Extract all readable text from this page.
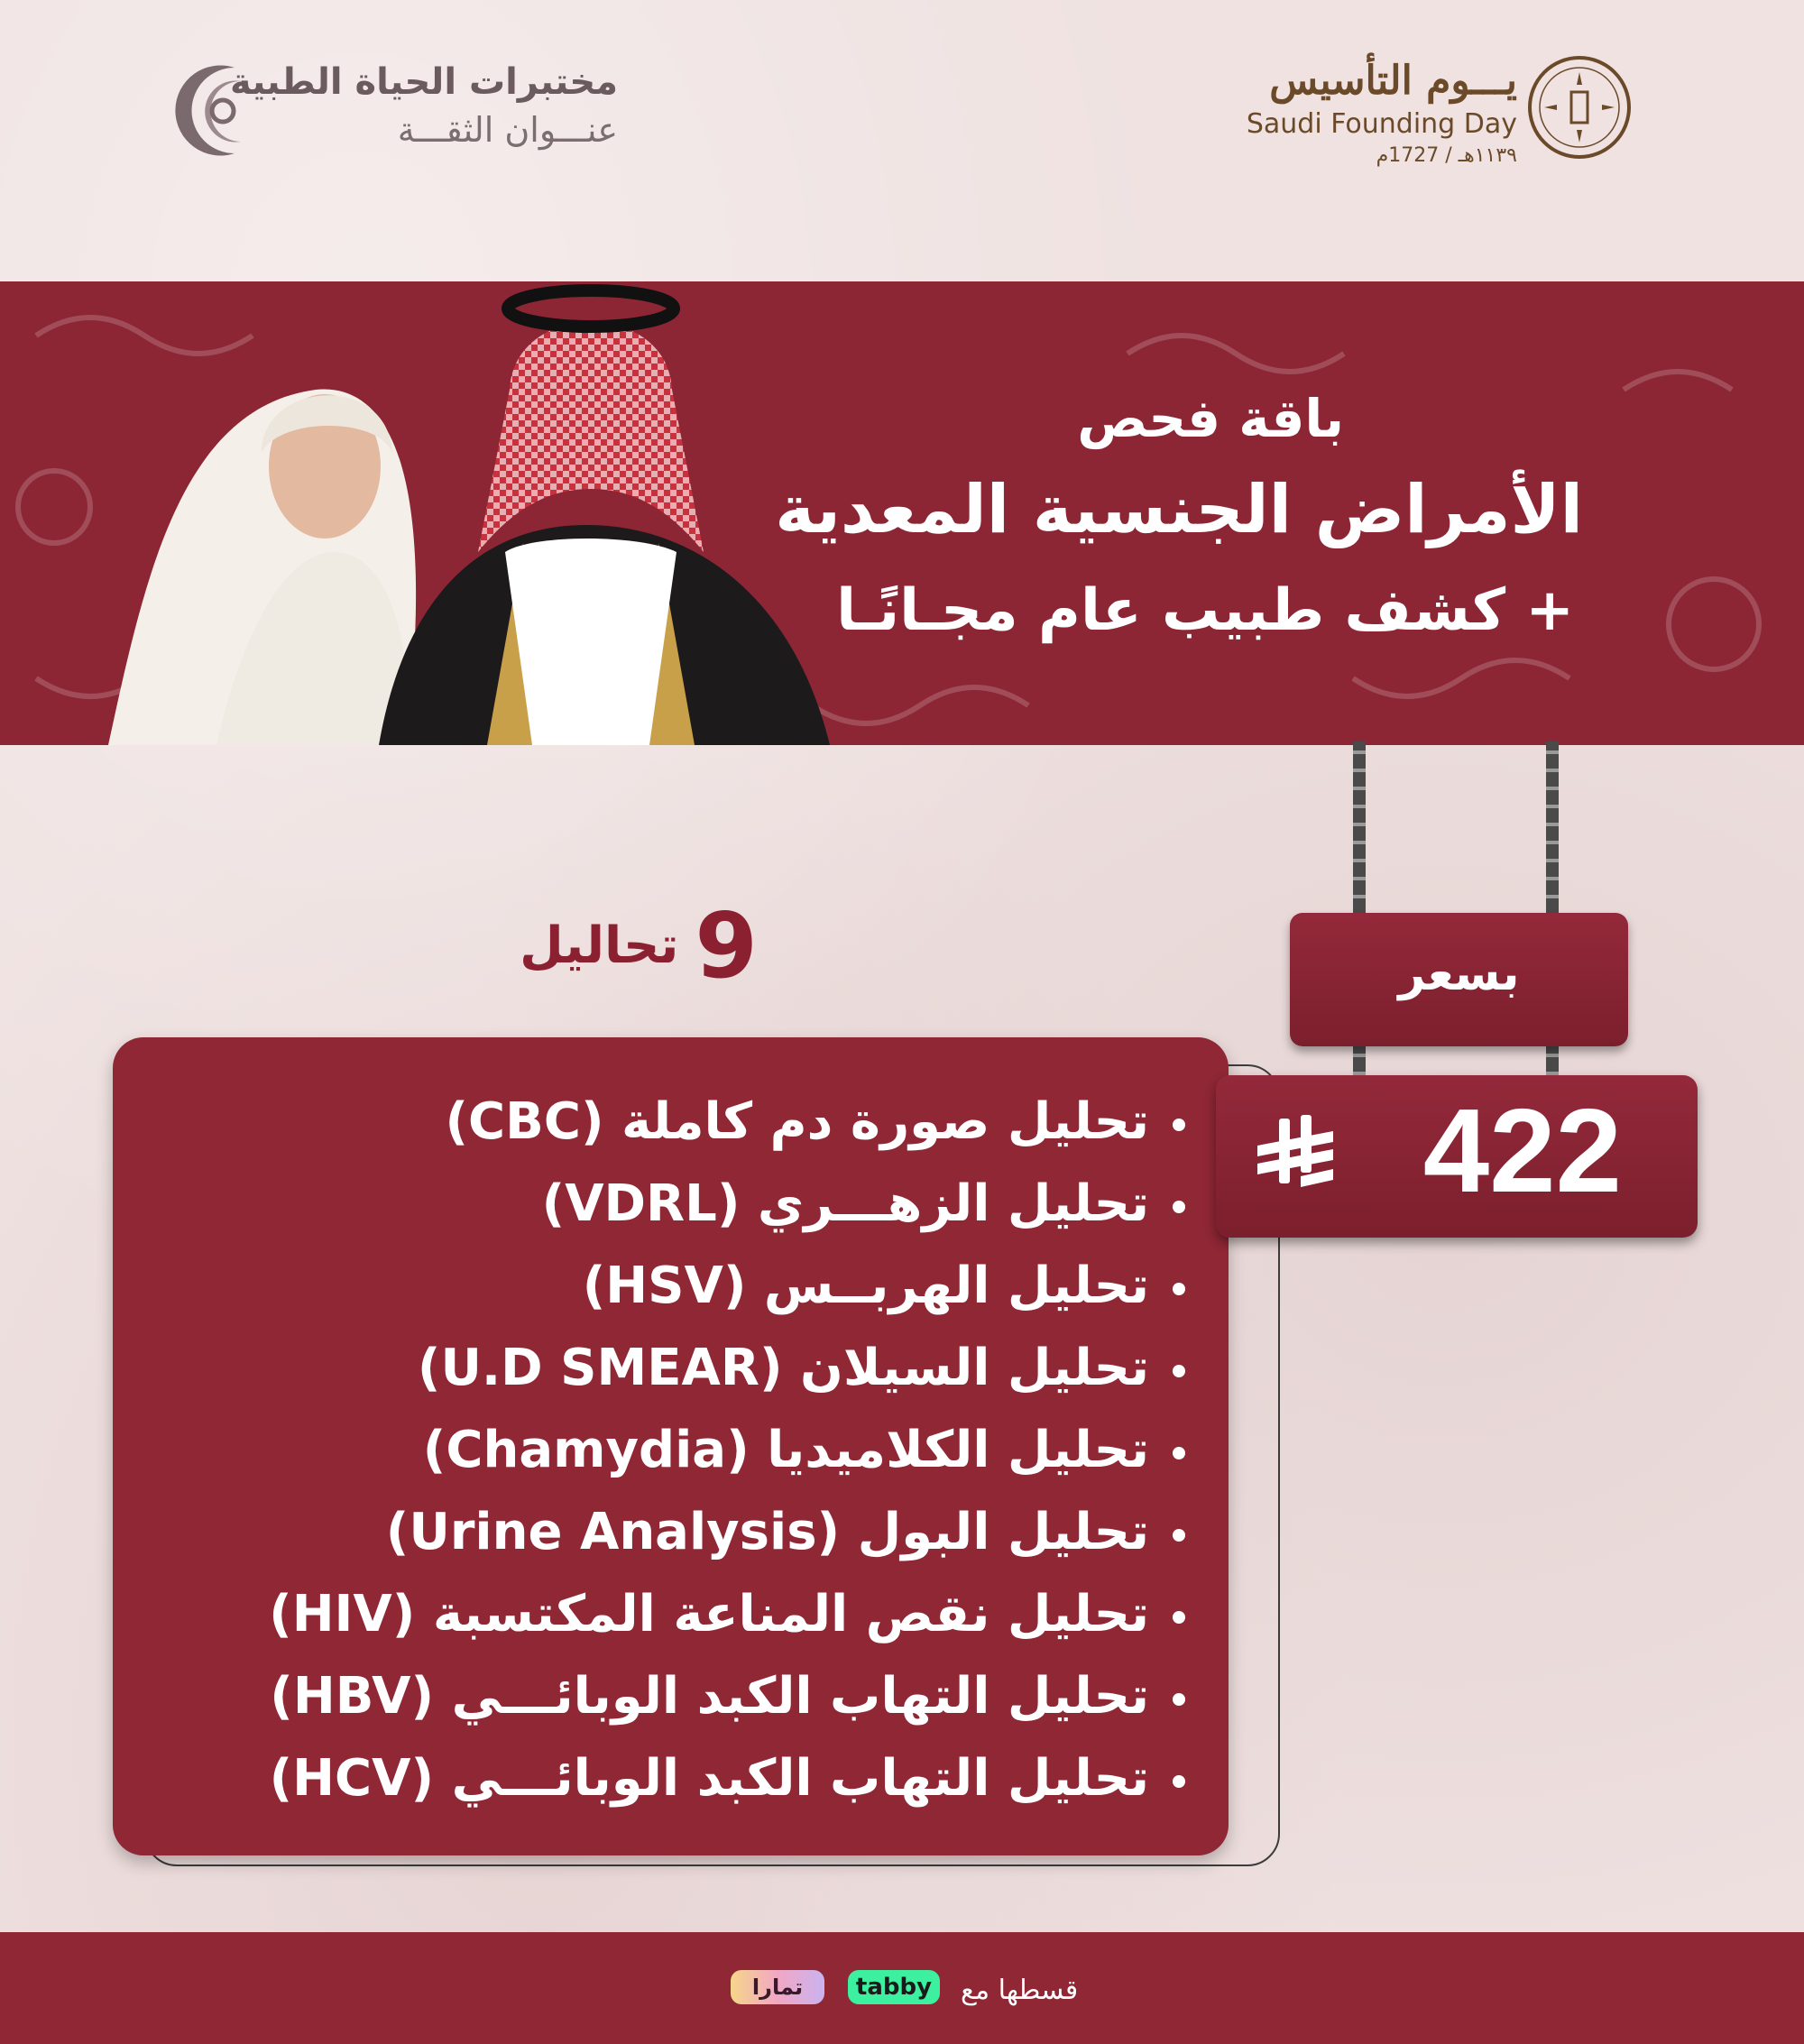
مختبرات الحياة الطبية
عنـــوان الثقـــة
يـــوم التأسيس
Saudi Founding Day
١١٣٩هـ / 1727م
باقة فحص
الأمراض الجنسية المعدية
+ كشف طبيب عام مجـانًـا
9تحاليل
تحليل صورة دم كاملة (CBC)
تحليل الزهـــري (VDRL)
تحليل الهربــس (HSV)
تحليل السيلان (U.D SMEAR)
تحليل الكلاميديا (Chamydia)
تحليل البول (Urine Analysis)
تحليل نقص المناعة المكتسبة (HIV)
تحليل التهاب الكبد الوبائـــي (HBV)
تحليل التهاب الكبد الوبائـــي (HCV)
بسعر
422
قسطها مع
tabby
تمارا
